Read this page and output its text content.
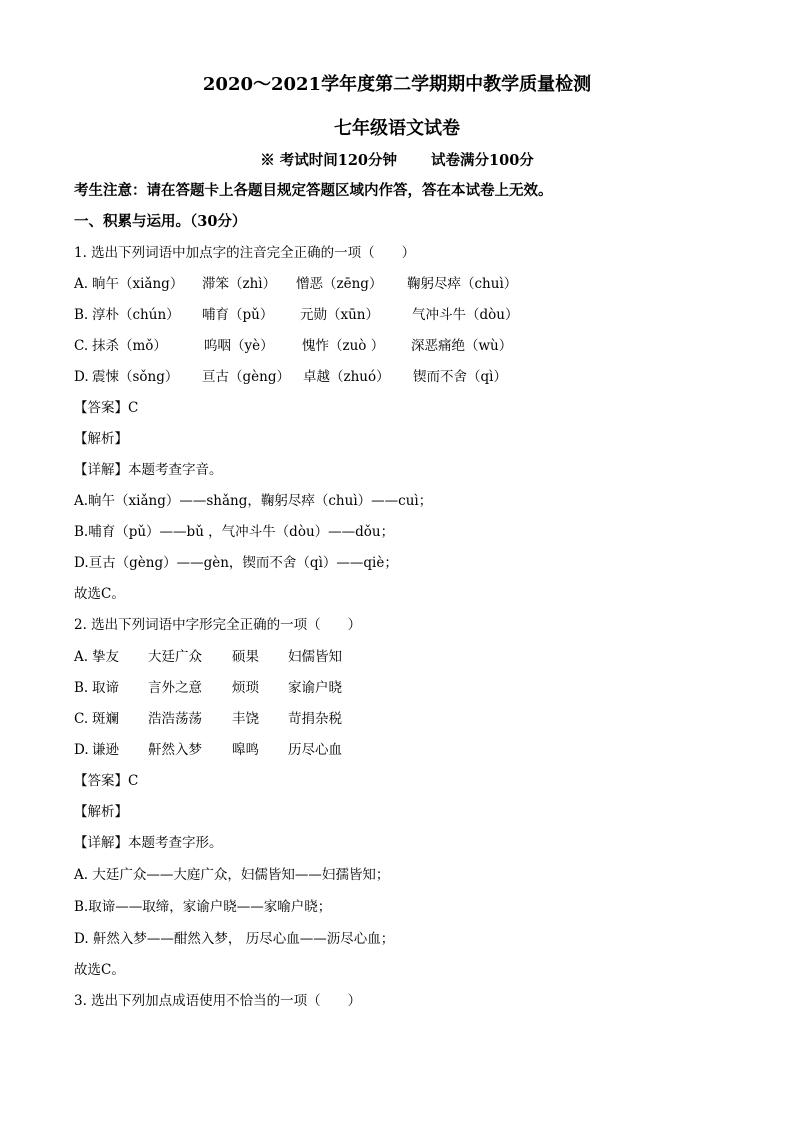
2020～2021学年度第二学期期中教学质量检测
七年级语文试卷
※ 考试时间120分钟 试卷满分100分
考生注意：请在答题卡上各题目规定答题区域内作答，答在本试卷上无效。
一、积累与运用。（30分）
1. 选出下列词语中加点字的注音完全正确的一项（　　）
A. 晌午（xiǎng） 滞笨（zhì） 憎恶（zēng） 鞠躬尽瘁（chuì）
B. 淳朴（chún） 哺育（pǔ） 元勋（xūn） 气冲斗牛（dòu）
C. 抹杀（mǒ）	呜咽（yè） 愧怍（zuò ） 深恶痛绝（wù）
D. 震悚（sǒng） 亘古（gèng） 卓越（zhuó） 锲而不舍（qì）
【答案】C
【解析】
【详解】本题考查字音。
A.晌午（xiǎng）——shǎng，鞠躬尽瘁（chuì）——cuì；
B.哺育（pǔ）——bǔ ，气冲斗牛（dòu）——dǒu；
D.亘古（gèng）——gèn，锲而不舍（qì）——qiè；
故选C。
2. 选出下列词语中字形完全正确的一项（　　）
A. 挚友 大廷广众 硕果 妇儒皆知
B. 取谛 言外之意 烦琐 家谕户晓
C. 斑斓 浩浩荡荡 丰饶 苛捐杂税
D. 谦逊 鼾然入梦 嗥鸣 历尽心血
【答案】C
【解析】
【详解】本题考查字形。
A. 大廷广众——大庭广众，妇儒皆知——妇孺皆知；
B.取谛——取缔，家谕户晓——家喻户晓；
D. 鼾然入梦——酣然入梦， 历尽心血——沥尽心血；
故选C。
3. 选出下列加点成语使用不恰当的一项（　　）
